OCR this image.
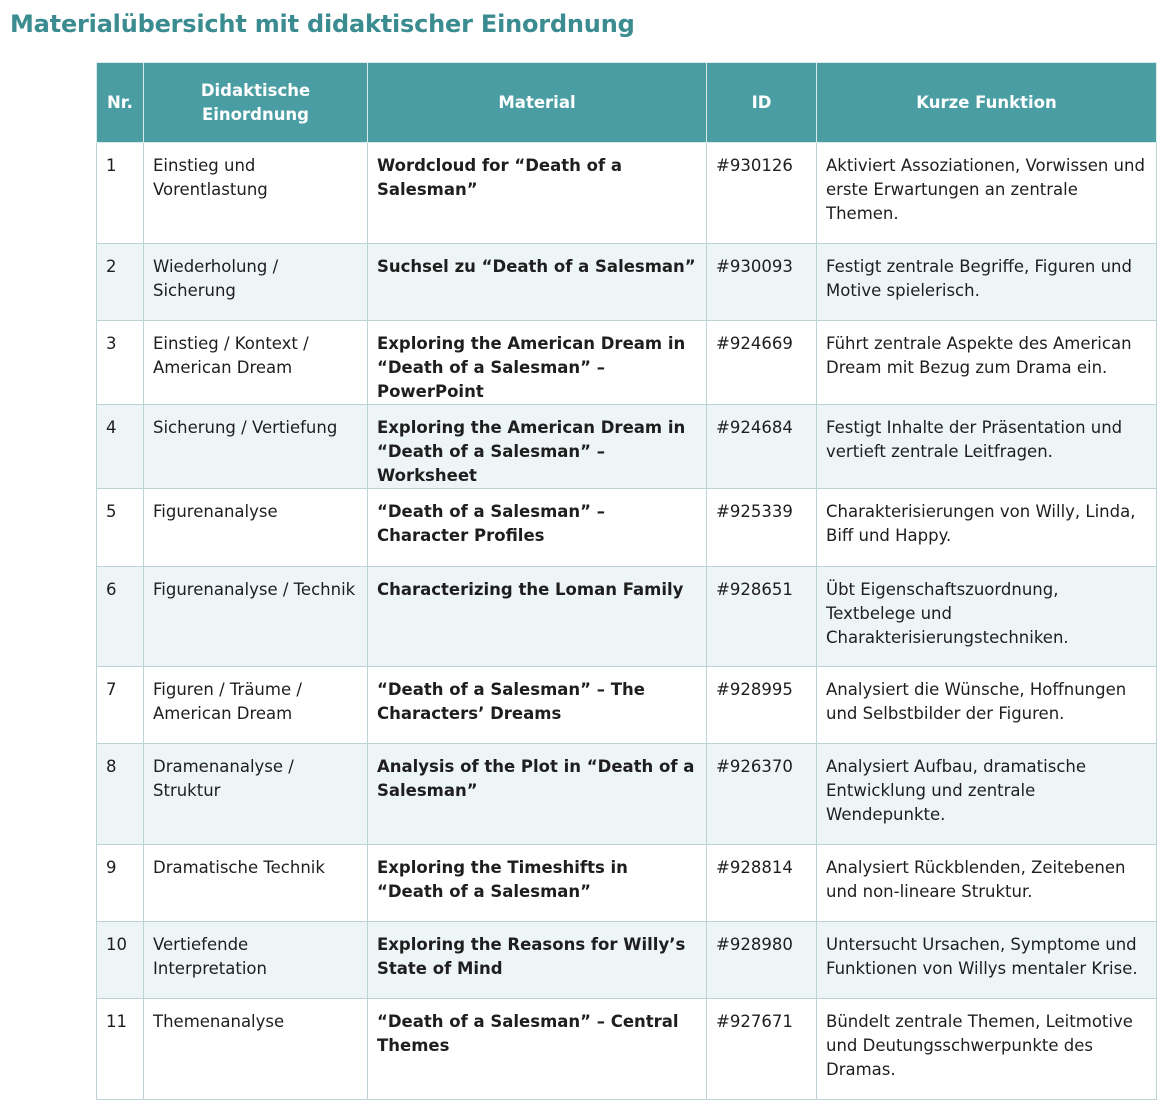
Materialübersicht mit didaktischer Einordnung
Nr.	Didaktische Einordnung	Material	ID	Kurze Funktion
1	Einstieg und Vorentlastung	Wordcloud for “Death of a Salesman”	#930126	Aktiviert Assoziationen, Vorwissen und erste Erwartungen an zentrale Themen.
2	Wiederholung / Sicherung	Suchsel zu “Death of a Salesman”	#930093	Festigt zentrale Begriffe, Figuren und Motive spielerisch.
3	Einstieg / Kontext / American Dream	Exploring the American Dream in “Death of a Salesman” – PowerPoint	#924669	Führt zentrale Aspekte des American Dream mit Bezug zum Drama ein.
4	Sicherung / Vertiefung	Exploring the American Dream in “Death of a Salesman” – Worksheet	#924684	Festigt Inhalte der Präsentation und vertieft zentrale Leitfragen.
5	Figurenanalyse	“Death of a Salesman” – Character Profiles	#925339	Charakterisierungen von Willy, Linda, Biff und Happy.
6	Figurenanalyse / Technik	Characterizing the Loman Family	#928651	Übt Eigenschaftszuordnung, Textbelege und Charakterisierungstechniken.
7	Figuren / Träume / American Dream	“Death of a Salesman” – The Characters’ Dreams	#928995	Analysiert die Wünsche, Hoffnungen und Selbstbilder der Figuren.
8	Dramenanalyse / Struktur	Analysis of the Plot in “Death of a Salesman”	#926370	Analysiert Aufbau, dramatische Entwicklung und zentrale Wendepunkte.
9	Dramatische Technik	Exploring the Timeshifts in “Death of a Salesman”	#928814	Analysiert Rückblenden, Zeitebenen und non-lineare Struktur.
10	Vertiefende Interpretation	Exploring the Reasons for Willy’s State of Mind	#928980	Untersucht Ursachen, Symptome und Funktionen von Willys mentaler Krise.
11	Themenanalyse	“Death of a Salesman” – Central Themes	#927671	Bündelt zentrale Themen, Leitmotive und Deutungsschwerpunkte des Dramas.
